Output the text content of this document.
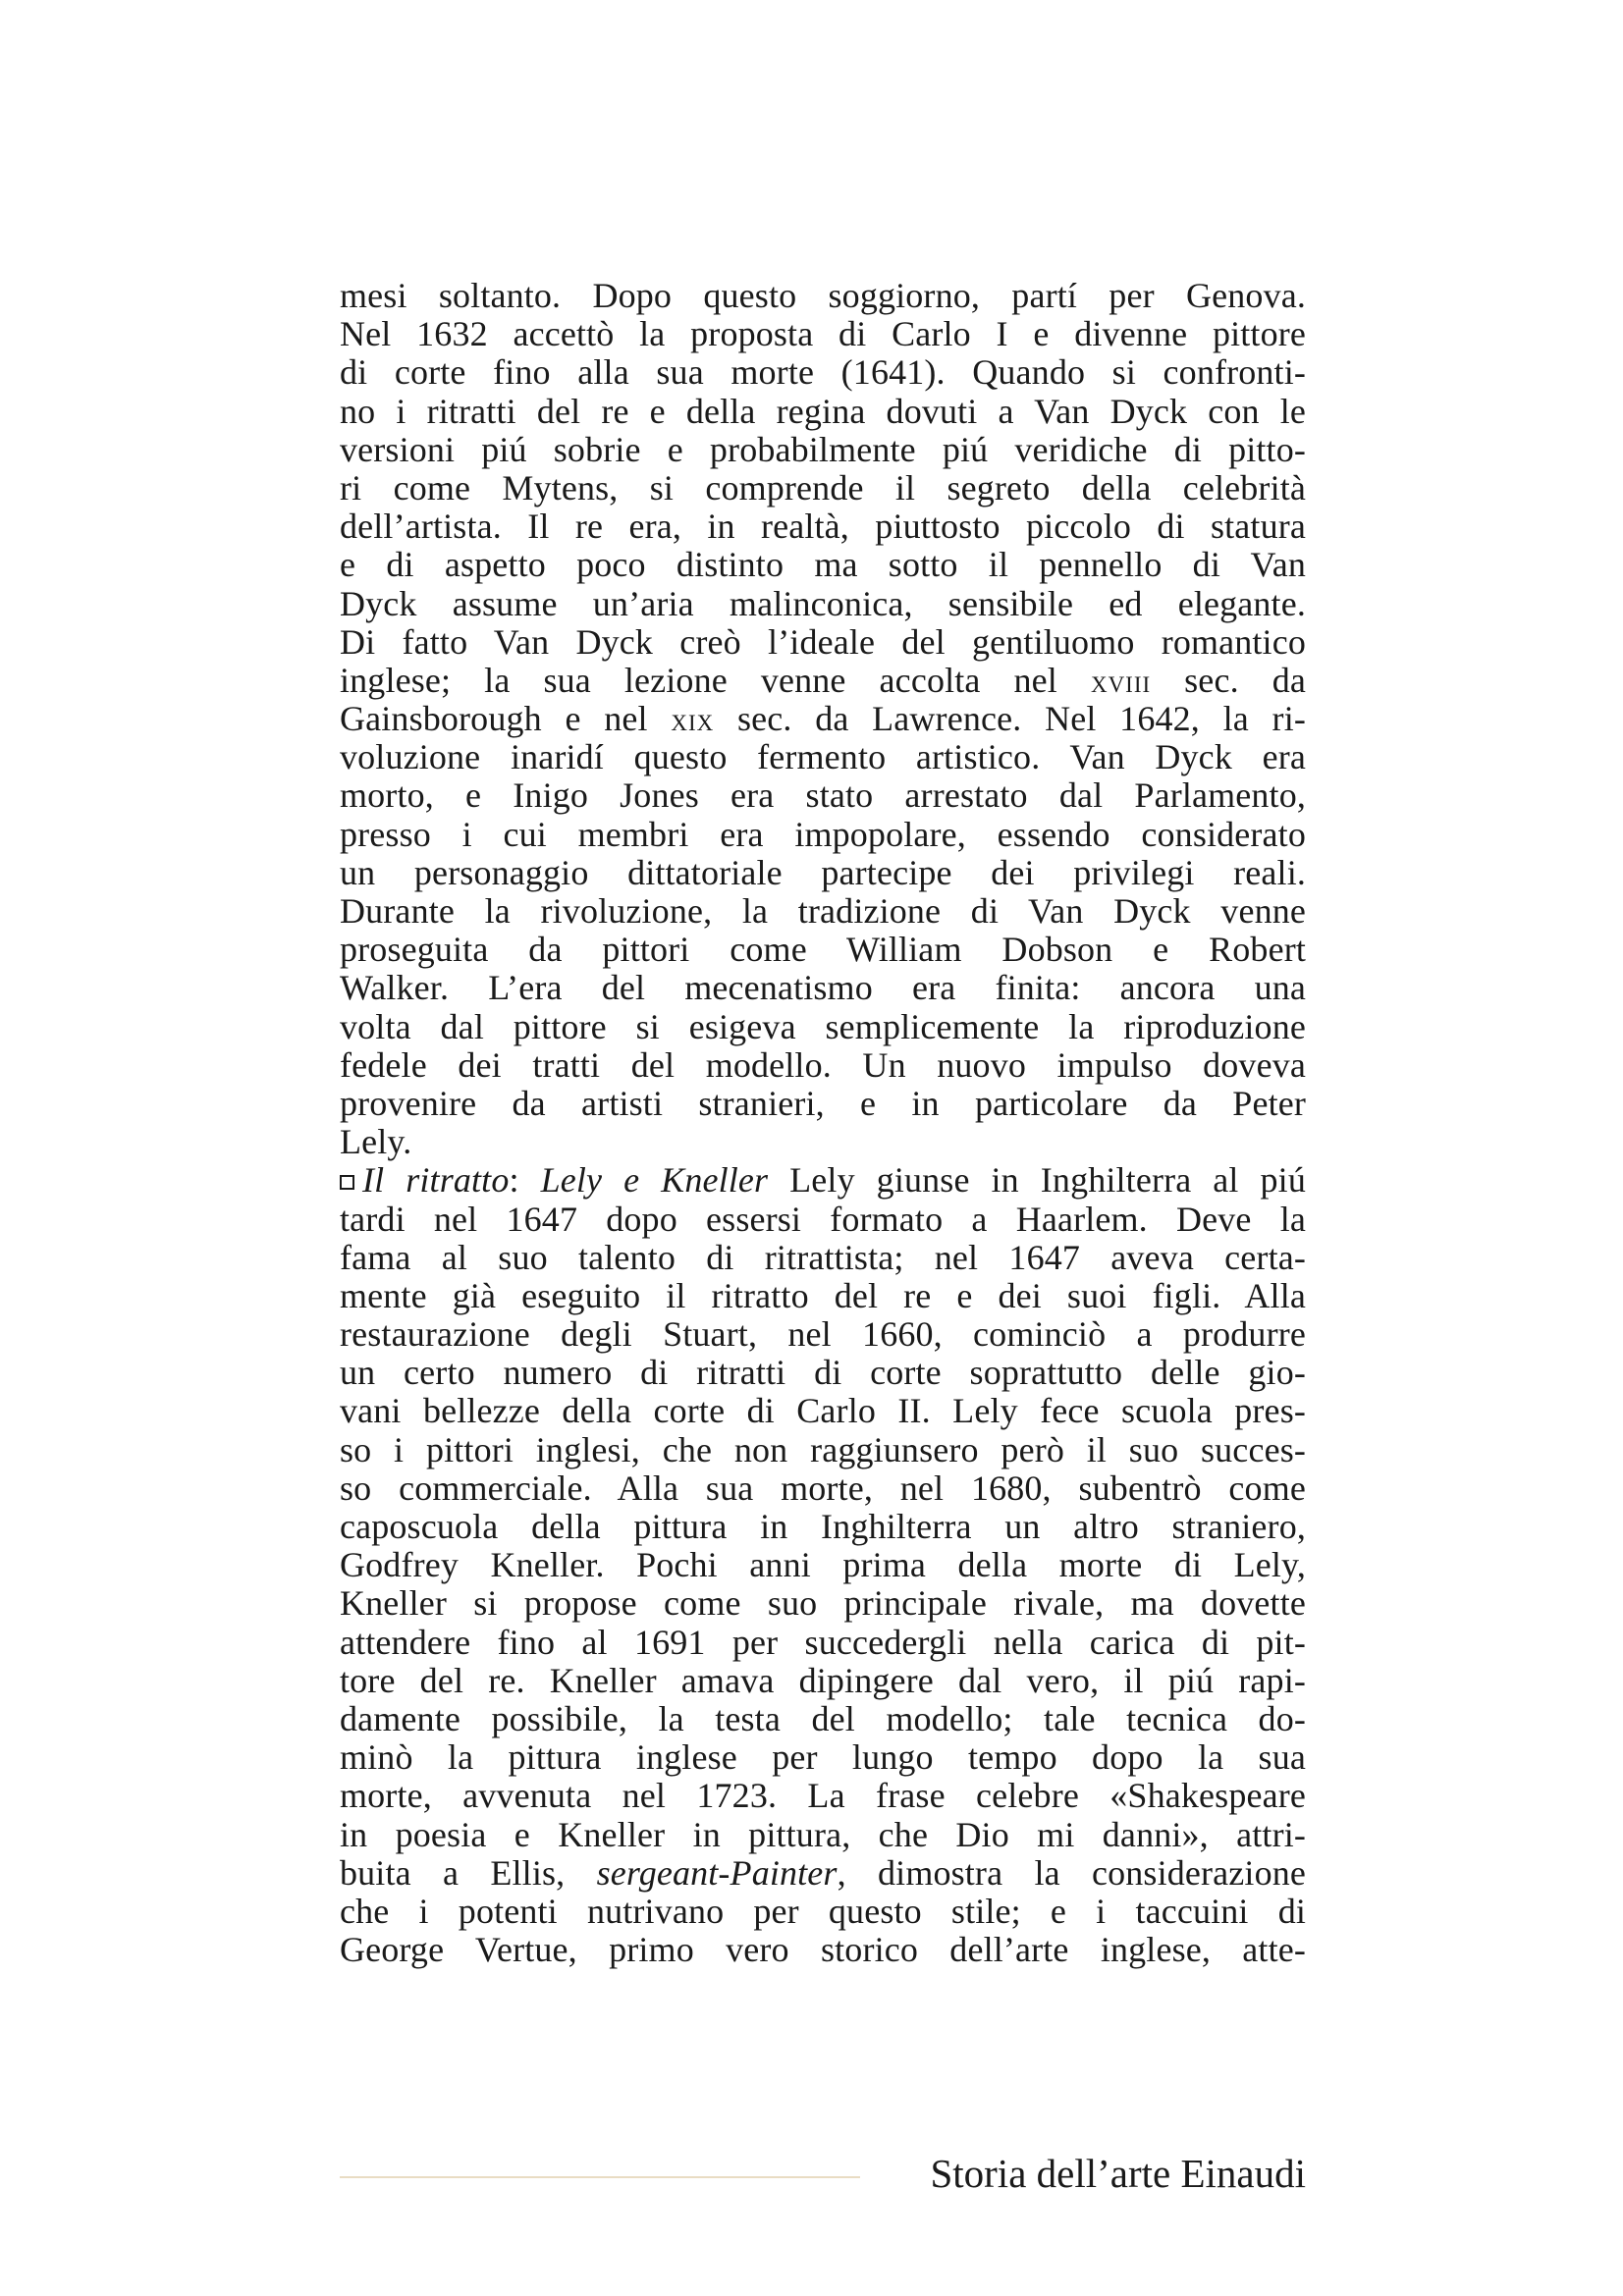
mesi soltanto. Dopo questo soggiorno, partí per Genova.
Nel 1632 accettò la proposta di Carlo I e divenne pittore
di corte fino alla sua morte (1641). Quando si confronti-
no i ritratti del re e della regina dovuti a Van Dyck con le
versioni piú sobrie e probabilmente piú veridiche di pitto-
ri come Mytens, si comprende il segreto della celebrità
dell’artista. Il re era, in realtà, piuttosto piccolo di statura
e di aspetto poco distinto ma sotto il pennello di Van
Dyck assume un’aria malinconica, sensibile ed elegante.
Di fatto Van Dyck creò l’ideale del gentiluomo romantico
inglese; la sua lezione venne accolta nel xviii sec. da
Gainsborough e nel xix sec. da Lawrence. Nel 1642, la ri-
voluzione inaridí questo fermento artistico. Van Dyck era
morto, e Inigo Jones era stato arrestato dal Parlamento,
presso i cui membri era impopolare, essendo considerato
un personaggio dittatoriale partecipe dei privilegi reali.
Durante la rivoluzione, la tradizione di Van Dyck venne
proseguita da pittori come William Dobson e Robert
Walker. L’era del mecenatismo era finita: ancora una
volta dal pittore si esigeva semplicemente la riproduzione
fedele dei tratti del modello. Un nuovo impulso doveva
provenire da artisti stranieri, e in particolare da Peter
Lely.
Il ritratto: Lely e Kneller Lely giunse in Inghilterra al piú
tardi nel 1647 dopo essersi formato a Haarlem. Deve la
fama al suo talento di ritrattista; nel 1647 aveva certa-
mente già eseguito il ritratto del re e dei suoi figli. Alla
restaurazione degli Stuart, nel 1660, cominciò a produrre
un certo numero di ritratti di corte soprattutto delle gio-
vani bellezze della corte di Carlo II. Lely fece scuola pres-
so i pittori inglesi, che non raggiunsero però il suo succes-
so commerciale. Alla sua morte, nel 1680, subentrò come
caposcuola della pittura in Inghilterra un altro straniero,
Godfrey Kneller. Pochi anni prima della morte di Lely,
Kneller si propose come suo principale rivale, ma dovette
attendere fino al 1691 per succedergli nella carica di pit-
tore del re. Kneller amava dipingere dal vero, il piú rapi-
damente possibile, la testa del modello; tale tecnica do-
minò la pittura inglese per lungo tempo dopo la sua
morte, avvenuta nel 1723. La frase celebre «Shakespeare
in poesia e Kneller in pittura, che Dio mi danni», attri-
buita a Ellis, sergeant-Painter, dimostra la considerazione
che i potenti nutrivano per questo stile; e i taccuini di
George Vertue, primo vero storico dell’arte inglese, atte-
Storia dell’arte Einaudi
